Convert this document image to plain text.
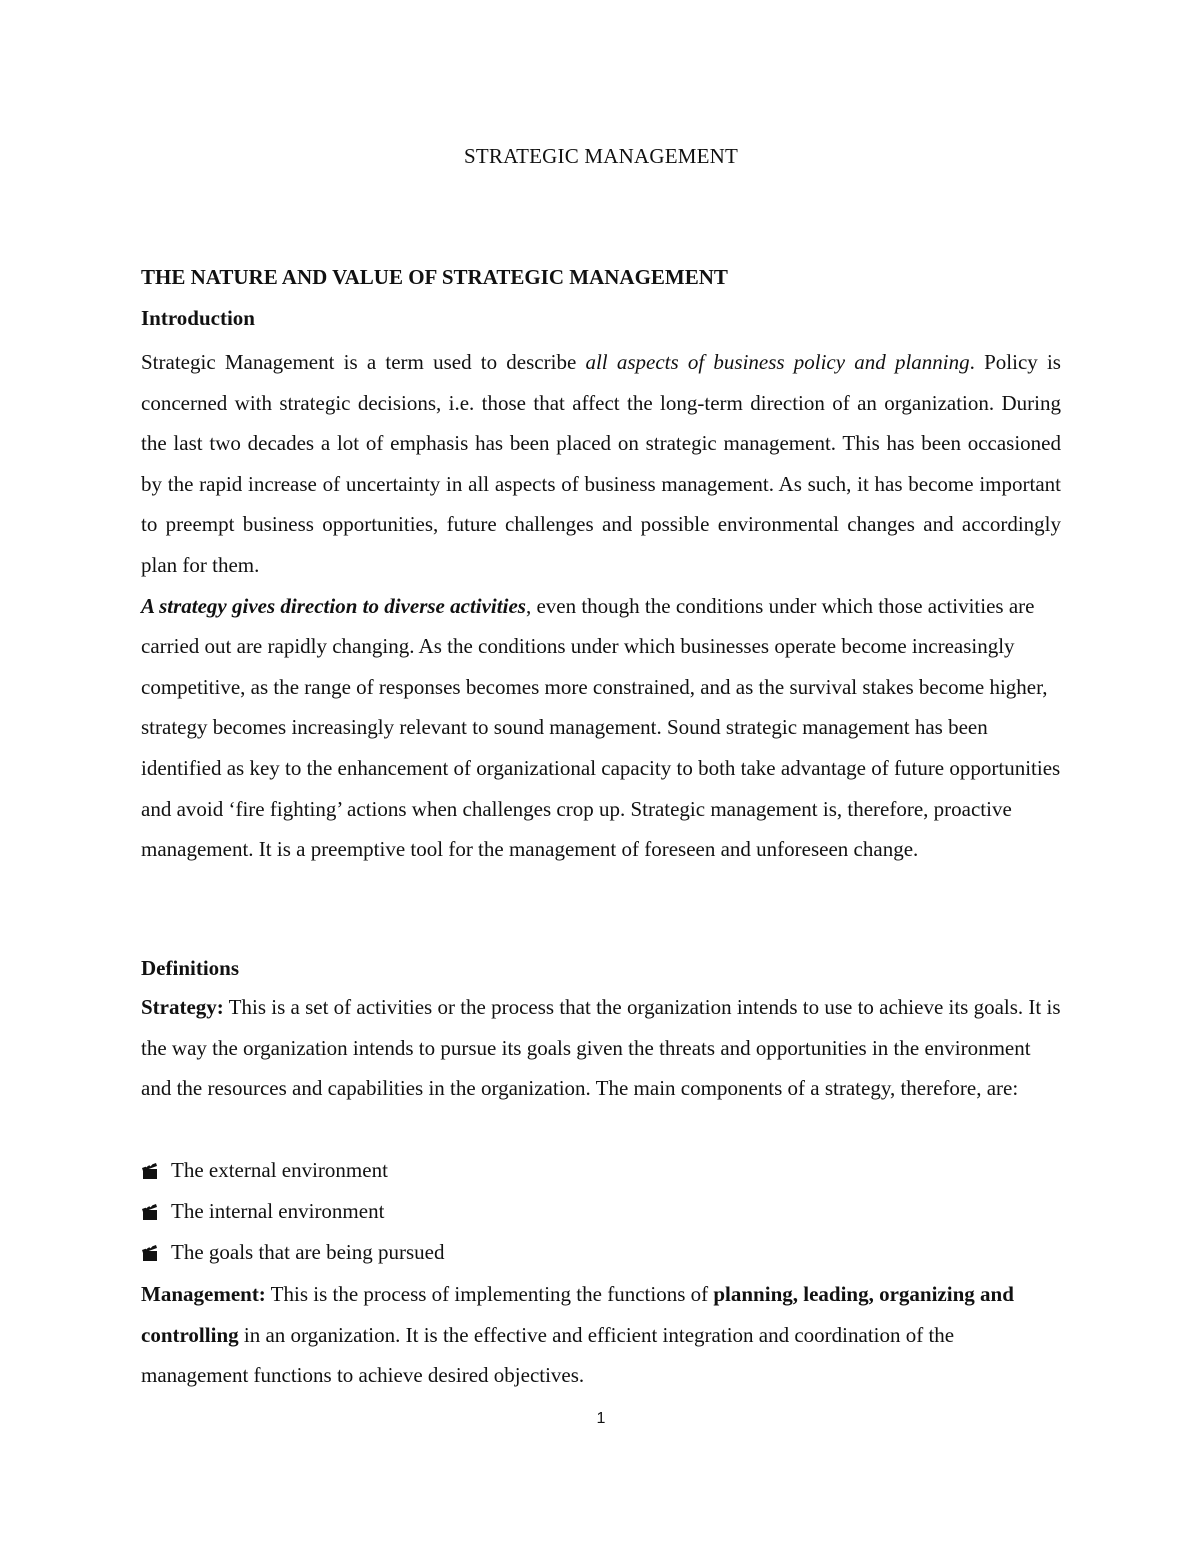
STRATEGIC MANAGEMENT
THE NATURE AND VALUE OF STRATEGIC MANAGEMENT
Introduction
Strategic Management is a term used to describe all aspects of business policy and planning. Policy is concerned with strategic decisions, i.e. those that affect the long-term direction of an organization. During the last two decades a lot of emphasis has been placed on strategic management. This has been occasioned by the rapid increase of uncertainty in all aspects of business management. As such, it has become important to preempt business opportunities, future challenges and possible environmental changes and accordingly plan for them.
A strategy gives direction to diverse activities, even though the conditions under which those activities are carried out are rapidly changing. As the conditions under which businesses operate become increasingly competitive, as the range of responses becomes more constrained, and as the survival stakes become higher, strategy becomes increasingly relevant to sound management. Sound strategic management has been identified as key to the enhancement of organizational capacity to both take advantage of future opportunities and avoid ‘fire fighting’ actions when challenges crop up. Strategic management is, therefore, proactive management. It is a preemptive tool for the management of foreseen and unforeseen change.
Definitions
Strategy: This is a set of activities or the process that the organization intends to use to achieve its goals. It is the way the organization intends to pursue its goals given the threats and opportunities in the environment and the resources and capabilities in the organization. The main components of a strategy, therefore, are:
The external environment
The internal environment
The goals that are being pursued
Management: This is the process of implementing the functions of planning, leading, organizing and controlling in an organization. It is the effective and efficient integration and coordination of the management functions to achieve desired objectives.
1
